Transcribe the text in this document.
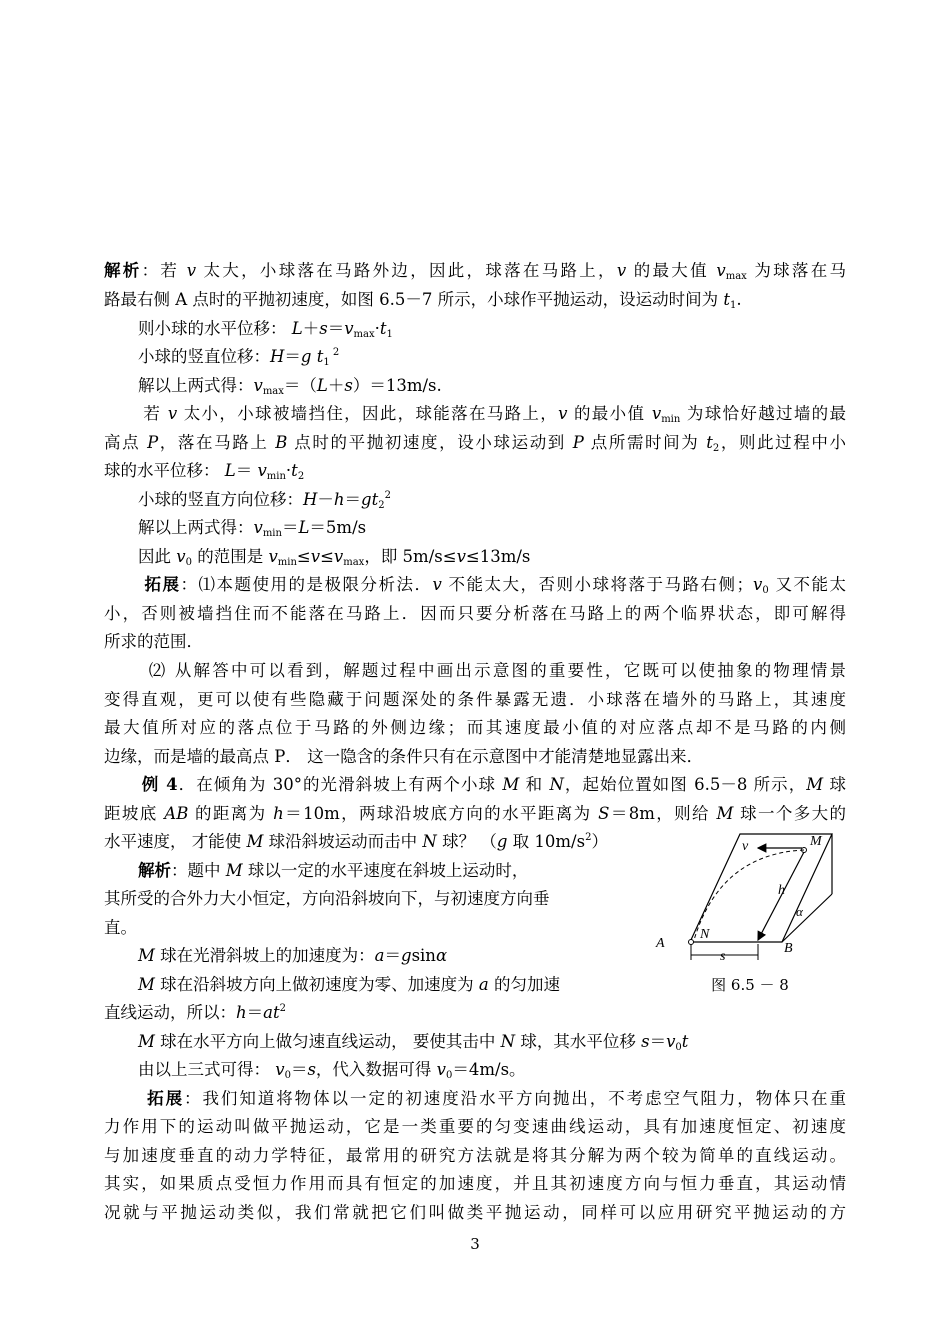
解析：若 v 太大，小球落在马路外边，因此，球落在马路上，v 的最大值 $v_{max}$ 为球落在马
路最右侧 A 点时的平抛初速度，如图 6.5－7 所示，小球作平抛运动，设运动时间为 $t_1$.
则小球的水平位移： $L+s=v_{max}\cdot t_1$
小球的竖直位移：H＝g $t_1$ $^2$
解以上两式得：$v_{max}=(L+s)=13m/s$.
若 v 太小，小球被墙挡住，因此，球能落在马路上，v 的最小值 $v_{min}$ 为球恰好越过墙的最
高点 P，落在马路上 B 点时的平抛初速度，设小球运动到 P 点所需时间为 $t_2$，则此过程中小
球的水平位移： $L= v_{min}\cdot t_2$
小球的竖直方向位移：$H-h=gt_2^2$
解以上两式得：$v_{min}=L=5m/s$
因此 $v_0$ 的范围是 $v_{min}\le v\le v_{max}$，即 5m/s≤v≤13m/s
拓展：⑴本题使用的是极限分析法．v 不能太大，否则小球将落于马路右侧；$v_0$ 又不能太
小，否则被墙挡住而不能落在马路上．因而只要分析落在马路上的两个临界状态，即可解得
所求的范围．
⑵ 从解答中可以看到，解题过程中画出示意图的重要性，它既可以使抽象的物理情景
变得直观，更可以使有些隐藏于问题深处的条件暴露无遗．小球落在墙外的马路上，其速度
最大值所对应的落点位于马路的外侧边缘；而其速度最小值的对应落点却不是马路的内侧
边缘，而是墙的最高点 P． 这一隐含的条件只有在示意图中才能清楚地显露出来．
例 4．在倾角为 30°的光滑斜坡上有两个小球 M 和 N，起始位置如图 6.5－8 所示，M 球
距坡底 AB 的距离为 h＝10m，两球沿坡底方向的水平距离为 S＝8m，则给 M 球一个多大的
水平速度， 才能使 M 球沿斜坡运动而击中 N 球？ （g 取 $10m/s^2$）
解析：题中 M 球以一定的水平速度在斜坡上运动时，
其所受的合外力大小恒定，方向沿斜坡向下，与初速度方向垂
直。
M 球在光滑斜坡上的加速度为：a＝gsinα
M 球在沿斜坡方向上做初速度为零、加速度为 a 的匀加速
直线运动，所以：$h=at^2$
M 球在水平方向上做匀速直线运动， 要使其击中 N 球，其水平位移 $s=v_0t$
由以上三式可得： $v_0=s$，代入数据可得 $v_0=4m/s$。
拓展：我们知道将物体以一定的初速度沿水平方向抛出，不考虑空气阻力，物体只在重
力作用下的运动叫做平抛运动，它是一类重要的匀变速曲线运动，具有加速度恒定、初速度
与加速度垂直的动力学特征，最常用的研究方法就是将其分解为两个较为简单的直线运动。
其实，如果质点受恒力作用而具有恒定的加速度，并且其初速度方向与恒力垂直，其运动情
况就与平抛运动类似，我们常就把它们叫做类平抛运动，同样可以应用研究平抛运动的方
v	M
h
α
A
N
B
s
图 6.5 － 8
3
